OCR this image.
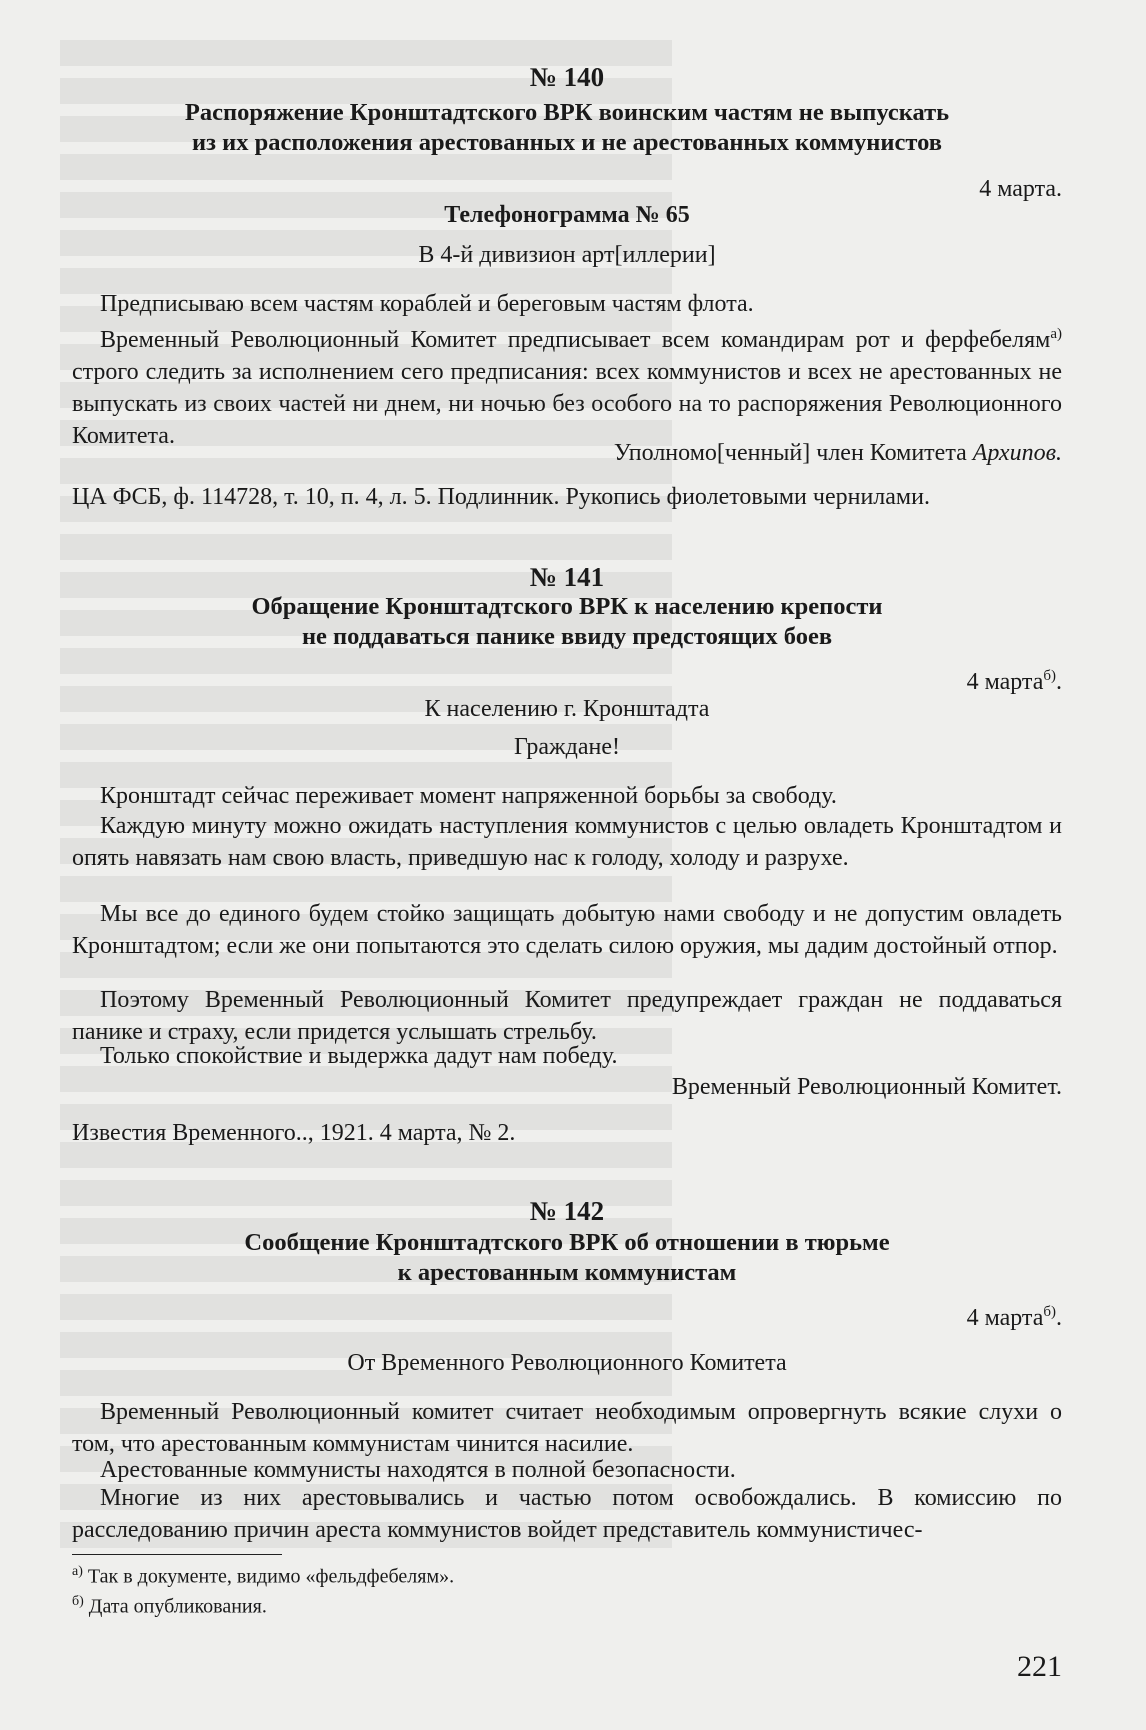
№ 140
Распоряжение Кронштадтского ВРК воинским частям не выпускать
из их расположения арестованных и не арестованных коммунистов
4 марта.
Телефонограмма № 65
В 4-й дивизион арт[иллерии]
Предписываю всем частям кораблей и береговым частям флота.
Временный Революционный Комитет предписывает всем командирам рот и ферфебелям$^{а)}$ строго следить за исполнением сего предписания: всех коммунистов и всех не арестованных не выпускать из своих частей ни днем, ни ночью без особого на то распоряжения Революционного Комитета.
Уполномо[ченный] член Комитета Архипов.
ЦА ФСБ, ф. 114728, т. 10, п. 4, л. 5. Подлинник. Рукопись фиолетовыми чернилами.
№ 141
Обращение Кронштадтского ВРК к населению крепости
не поддаваться панике ввиду предстоящих боев
4 марта$^{б)}$.
К населению г. Кронштадта
Граждане!
Кронштадт сейчас переживает момент напряженной борьбы за свободу.
Каждую минуту можно ожидать наступления коммунистов с целью овладеть Кронштадтом и опять навязать нам свою власть, приведшую нас к голоду, холоду и разрухе.
Мы все до единого будем стойко защищать добытую нами свободу и не допустим овладеть Кронштадтом; если же они попытаются это сделать силою оружия, мы дадим достойный отпор.
Поэтому Временный Революционный Комитет предупреждает граждан не поддаваться панике и страху, если придется услышать стрельбу.
Только спокойствие и выдержка дадут нам победу.
Временный Революционный Комитет.
Известия Временного.., 1921. 4 марта, № 2.
№ 142
Сообщение Кронштадтского ВРК об отношении в тюрьме
к арестованным коммунистам
4 марта$^{б)}$.
От Временного Революционного Комитета
Временный Революционный комитет считает необходимым опровергнуть всякие слухи о том, что арестованным коммунистам чинится насилие.
Арестованные коммунисты находятся в полной безопасности.
Многие из них арестовывались и частью потом освобождались. В комиссию по расследованию причин ареста коммунистов войдет представитель коммунистичес-
$^{а)}$ Так в документе, видимо «фельдфебелям».
$^{б)}$ Дата опубликования.
221
